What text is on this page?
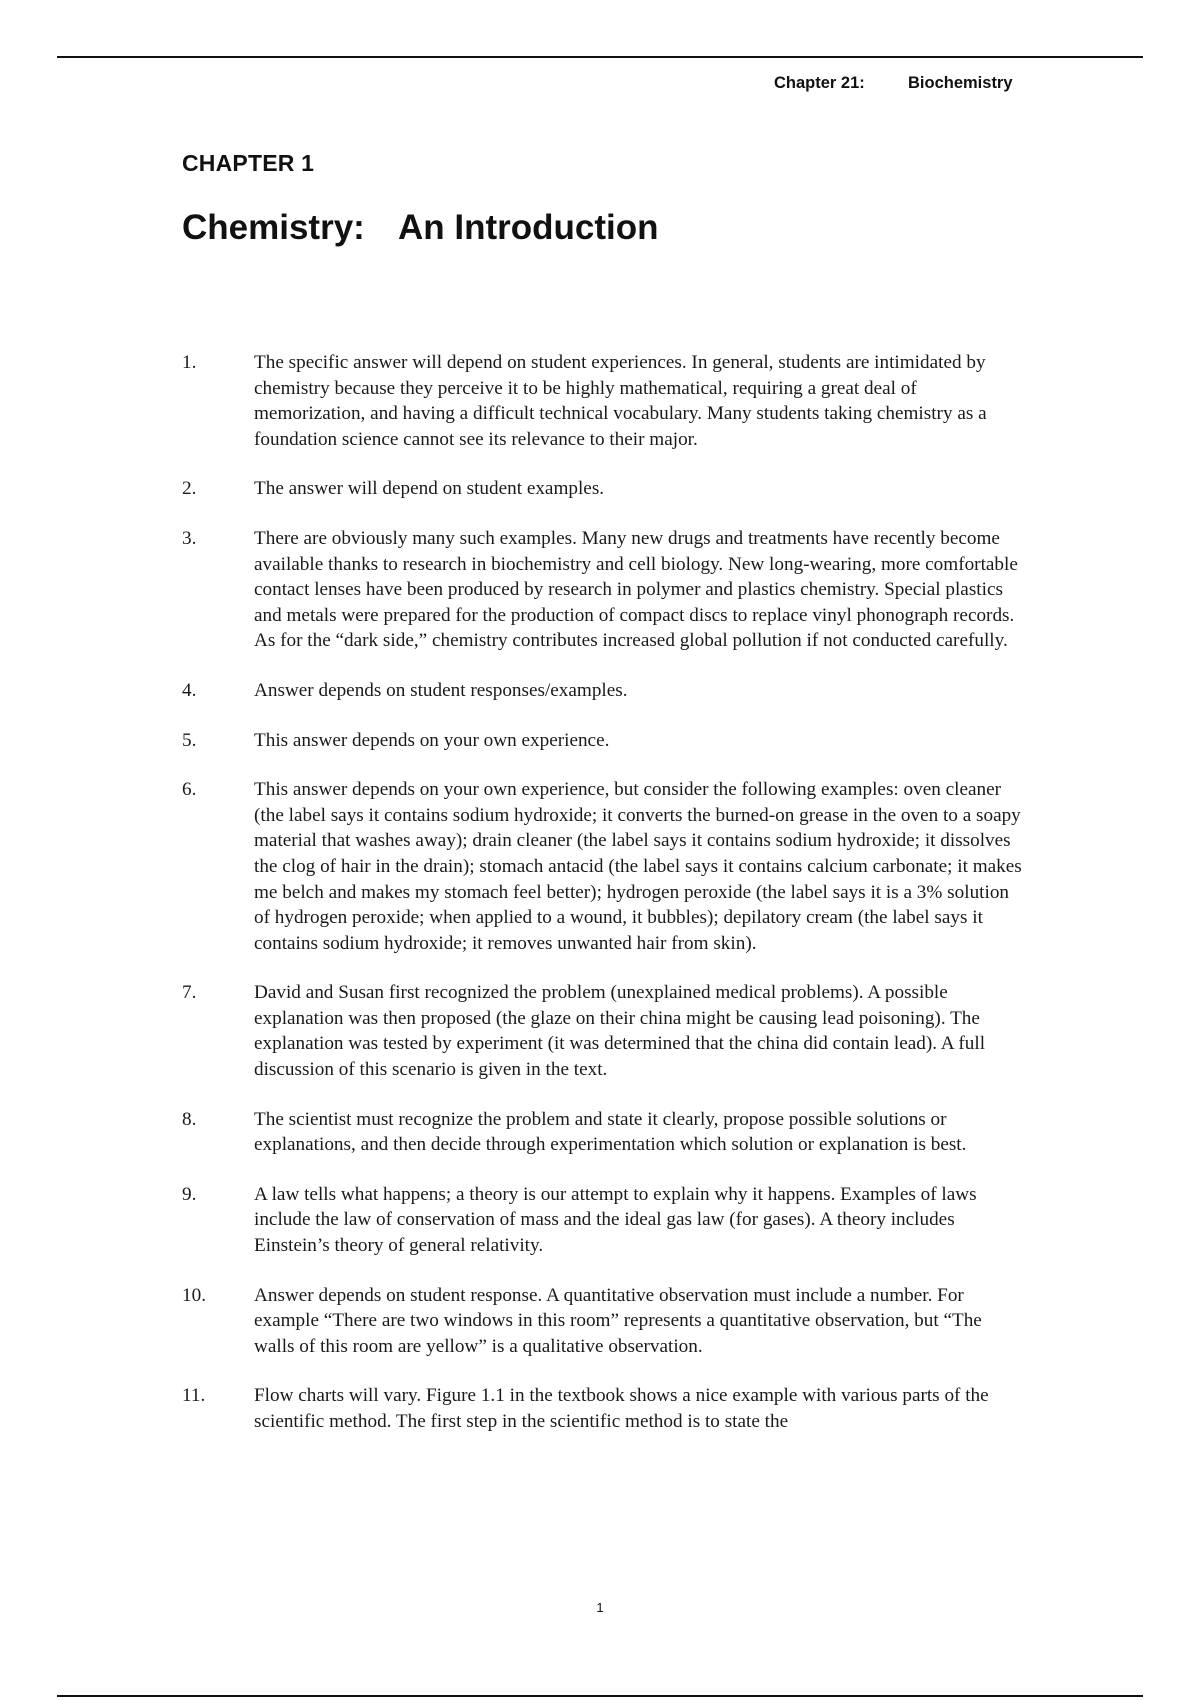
Chapter 21:	Biochemistry
CHAPTER 1
Chemistry: An Introduction
1.	The specific answer will depend on student experiences. In general, students are intimidated by chemistry because they perceive it to be highly mathematical, requiring a great deal of memorization, and having a difficult technical vocabulary. Many students taking chemistry as a foundation science cannot see its relevance to their major.
2.	The answer will depend on student examples.
3.	There are obviously many such examples. Many new drugs and treatments have recently become available thanks to research in biochemistry and cell biology. New long-wearing, more comfortable contact lenses have been produced by research in polymer and plastics chemistry. Special plastics and metals were prepared for the production of compact discs to replace vinyl phonograph records. As for the “dark side,” chemistry contributes increased global pollution if not conducted carefully.
4.	Answer depends on student responses/examples.
5.	This answer depends on your own experience.
6.	This answer depends on your own experience, but consider the following examples: oven cleaner (the label says it contains sodium hydroxide; it converts the burned-on grease in the oven to a soapy material that washes away); drain cleaner (the label says it contains sodium hydroxide; it dissolves the clog of hair in the drain); stomach antacid (the label says it contains calcium carbonate; it makes me belch and makes my stomach feel better); hydrogen peroxide (the label says it is a 3% solution of hydrogen peroxide; when applied to a wound, it bubbles); depilatory cream (the label says it contains sodium hydroxide; it removes unwanted hair from skin).
7.	David and Susan first recognized the problem (unexplained medical problems). A possible explanation was then proposed (the glaze on their china might be causing lead poisoning). The explanation was tested by experiment (it was determined that the china did contain lead). A full discussion of this scenario is given in the text.
8.	The scientist must recognize the problem and state it clearly, propose possible solutions or explanations, and then decide through experimentation which solution or explanation is best.
9.	A law tells what happens; a theory is our attempt to explain why it happens. Examples of laws include the law of conservation of mass and the ideal gas law (for gases). A theory includes Einstein’s theory of general relativity.
10.	Answer depends on student response. A quantitative observation must include a number. For example “There are two windows in this room” represents a quantitative observation, but “The walls of this room are yellow” is a qualitative observation.
11.	Flow charts will vary. Figure 1.1 in the textbook shows a nice example with various parts of the scientific method. The first step in the scientific method is to state the
1
